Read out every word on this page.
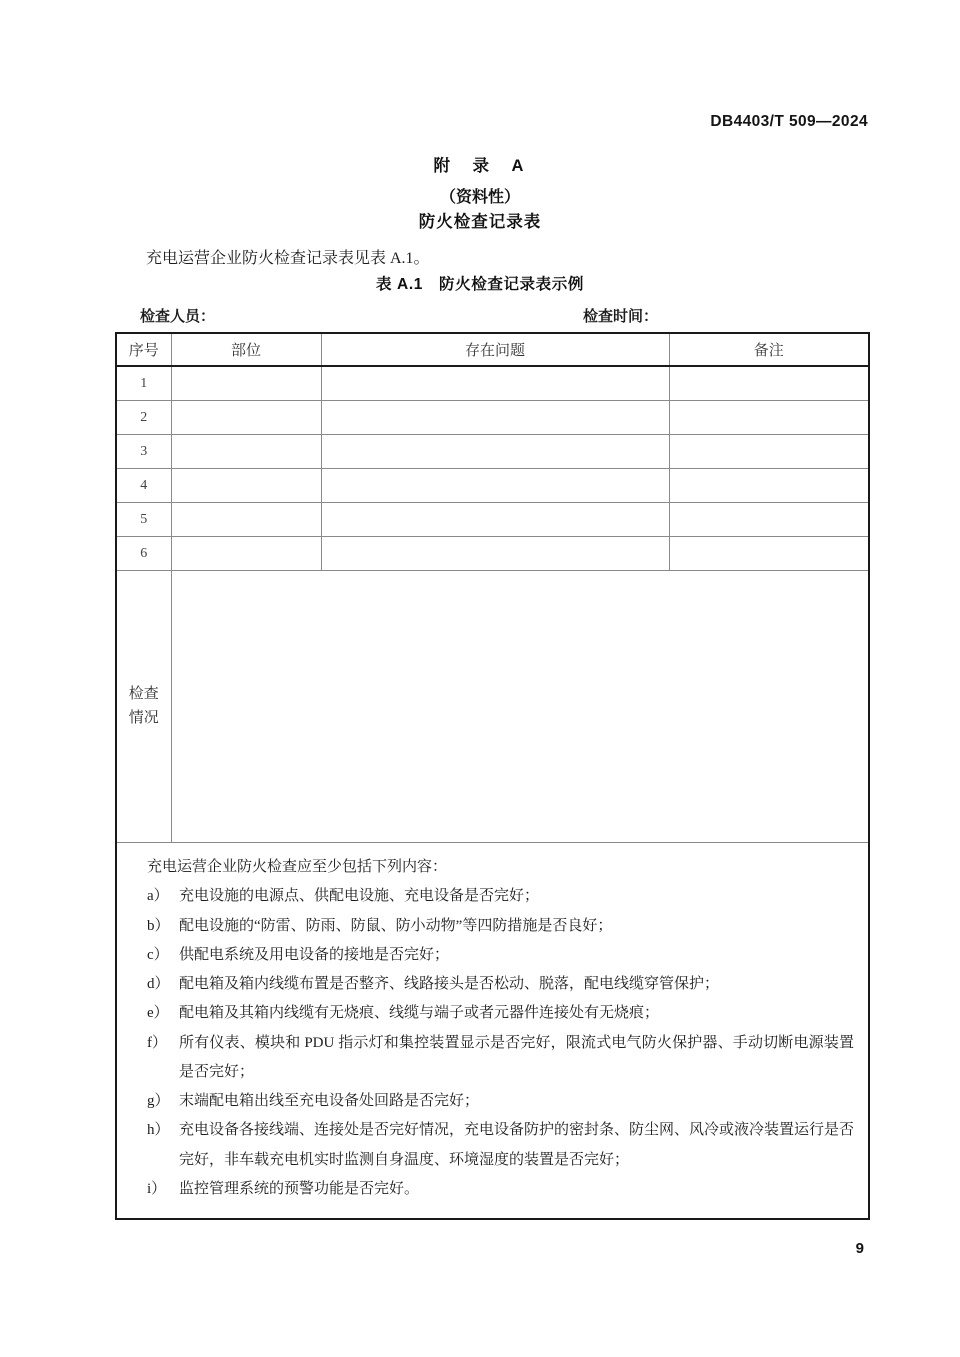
DB4403/T 509—2024
附　录　A
（资料性）
防火检查记录表
充电运营企业防火检查记录表见表 A.1。
表 A.1　防火检查记录表示例
检查人员：	检查时间：
序号	部位	存在问题	备注
1			
2			
3			
4			
5			
6			

检查
情况			

充电运营企业防火检查应至少包括下列内容：
a） 充电设施的电源点、供配电设施、充电设备是否完好；
b） 配电设施的“防雷、防雨、防鼠、防小动物”等四防措施是否良好；
c） 供配电系统及用电设备的接地是否完好；
d） 配电箱及箱内线缆布置是否整齐、线路接头是否松动、脱落，配电线缆穿管保护；
e） 配电箱及其箱内线缆有无烧痕、线缆与端子或者元器件连接处有无烧痕；
f） 所有仪表、模块和 PDU 指示灯和集控装置显示是否完好，限流式电气防火保护器、手动切断电源装置是否完好；
g） 末端配电箱出线至充电设备处回路是否完好；
h） 充电设备各接线端、连接处是否完好情况，充电设备防护的密封条、防尘网、风冷或液冷装置运行是否完好，非车载充电机实时监测自身温度、环境湿度的装置是否完好；
i） 监控管理系统的预警功能是否完好。
9
